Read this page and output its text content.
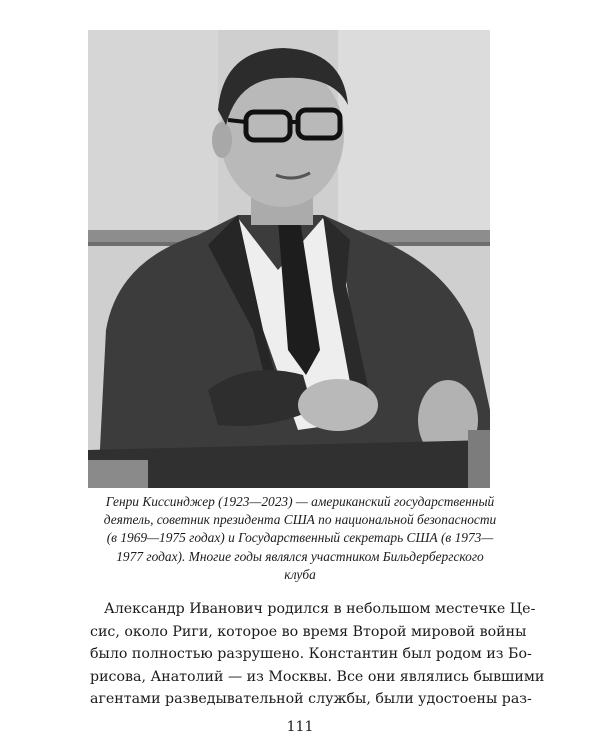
Генри Киссинджер (1923—2023) — американский государственный
деятель, советник президента США по национальной безопасности
(в 1969—1975 годах) и Государственный секретарь США (в 1973—
1977 годах). Многие годы являлся участником Бильдербергского
клуба
Александр Иванович родился в небольшом местечке Це-
сис, около Риги, которое во время Второй мировой войны
было полностью разрушено. Константин был родом из Бо-
рисова, Анатолий — из Москвы. Все они являлись бывшими
агентами разведывательной службы, были удостоены раз-
111
